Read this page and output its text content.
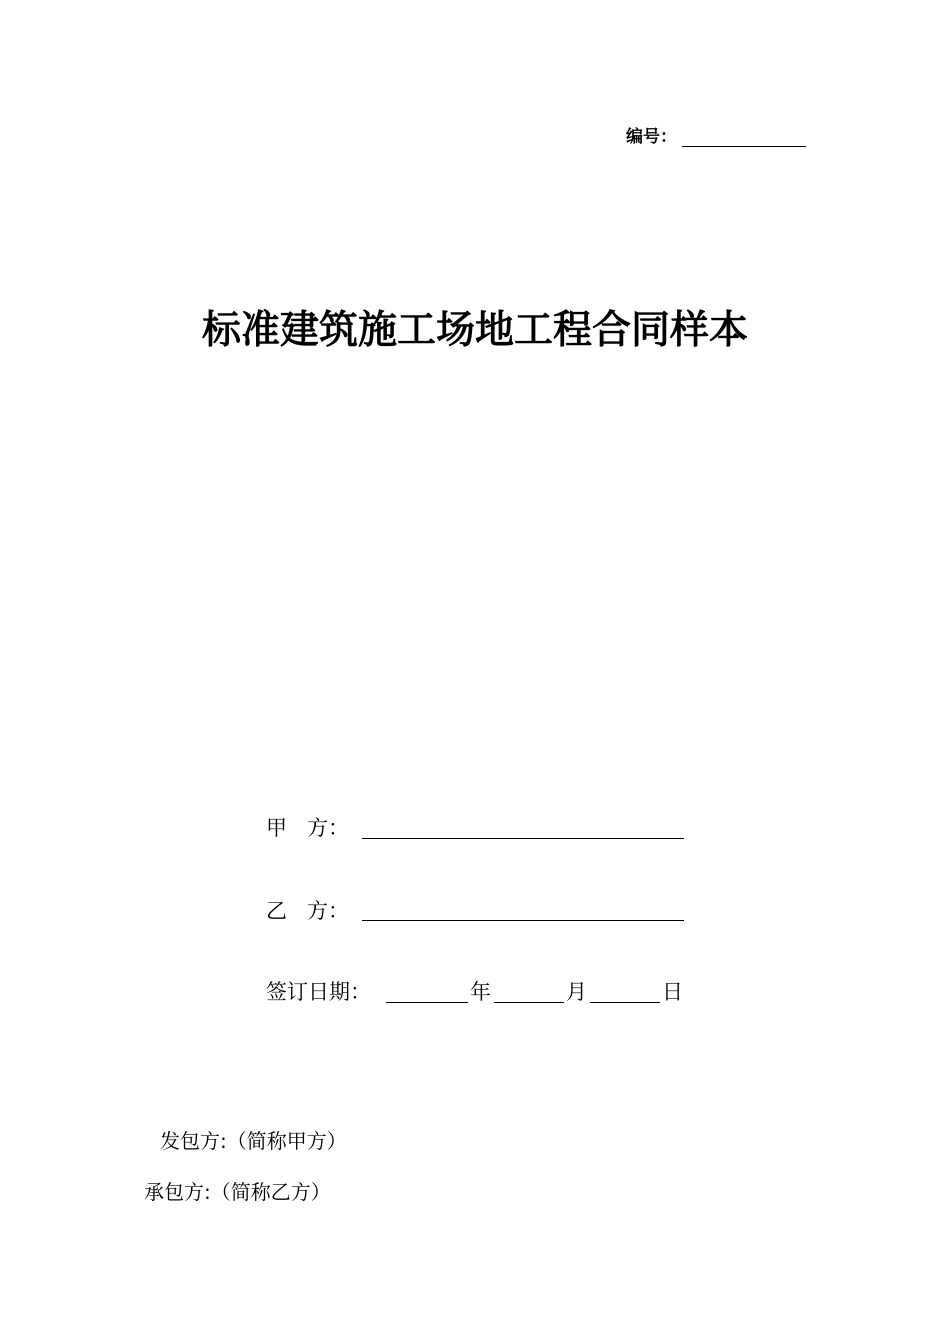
编号：
标准建筑施工场地工程合同样本
甲 方：
乙 方：
签订日期：	年	月	日
发包方:（简称甲方）
承包方:（简称乙方）
